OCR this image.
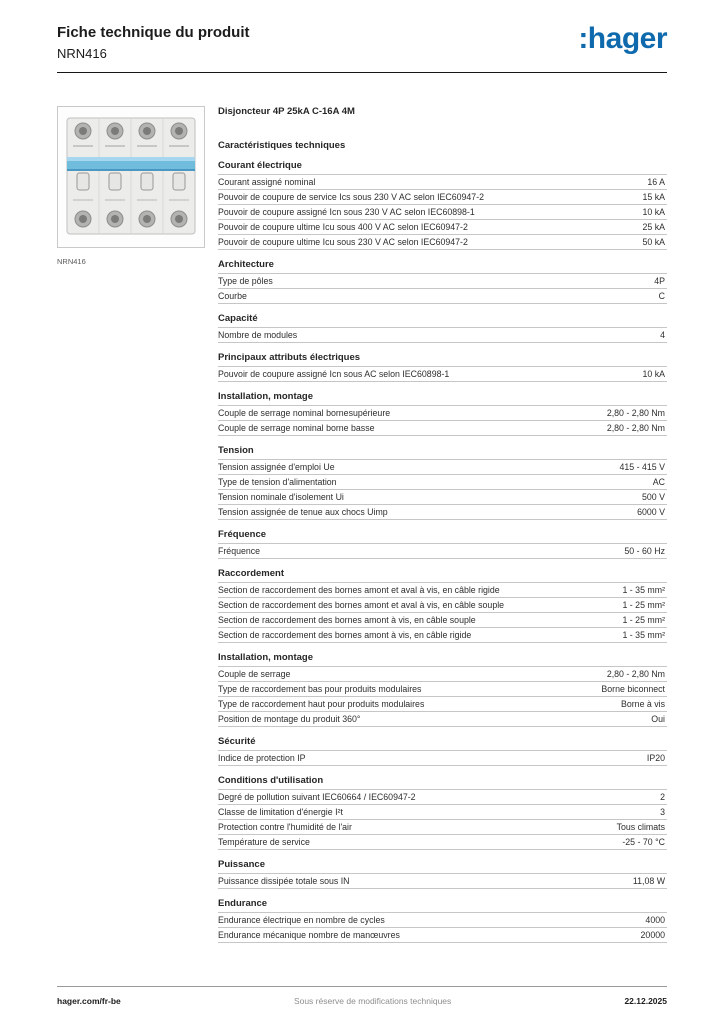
Fiche technique du produit
NRN416	:hager
NRN416
Disjoncteur 4P 25kA C-16A 4M
Caractéristiques techniques
Courant électrique
Courant assigné nominal	16 A
Pouvoir de coupure de service Ics sous 230 V AC selon IEC60947-2	15 kA
Pouvoir de coupure assigné Icn sous 230 V AC selon IEC60898-1	10 kA
Pouvoir de coupure ultime Icu sous 400 V AC selon IEC60947-2	25 kA
Pouvoir de coupure ultime Icu sous 230 V AC selon IEC60947-2	50 kA
Architecture
Type de pôles	4P
Courbe	C
Capacité
Nombre de modules	4
Principaux attributs électriques
Pouvoir de coupure assigné Icn sous AC selon IEC60898-1	10 kA
Installation, montage
Couple de serrage nominal bornesupérieure	2,80 - 2,80 Nm
Couple de serrage nominal borne basse	2,80 - 2,80 Nm
Tension
Tension assignée d'emploi Ue	415 - 415 V
Type de tension d'alimentation	AC
Tension nominale d'isolement Ui	500 V
Tension assignée de tenue aux chocs Uimp	6000 V
Fréquence
Fréquence	50 - 60 Hz
Raccordement
Section de raccordement des bornes amont et aval à vis, en câble rigide	1 - 35 mm²
Section de raccordement des bornes amont et aval à vis, en câble souple	1 - 25 mm²
Section de raccordement des bornes amont à vis, en câble souple	1 - 25 mm²
Section de raccordement des bornes amont à vis, en câble rigide	1 - 35 mm²
Installation, montage
Couple de serrage	2,80 - 2,80 Nm
Type de raccordement bas pour produits modulaires	Borne biconnect
Type de raccordement haut pour produits modulaires	Borne à vis
Position de montage du produit 360°	Oui
Sécurité
Indice de protection IP	IP20
Conditions d'utilisation
Degré de pollution suivant IEC60664 / IEC60947-2	2
Classe de limitation d'énergie I²t	3
Protection contre l'humidité de l'air	Tous climats
Température de service	-25 - 70 °C
Puissance
Puissance dissipée totale sous IN	11,08 W
Endurance
Endurance électrique en nombre de cycles	4000
Endurance mécanique nombre de manœuvres	20000
hager.com/fr-be	Sous réserve de modifications techniques	22.12.2025
